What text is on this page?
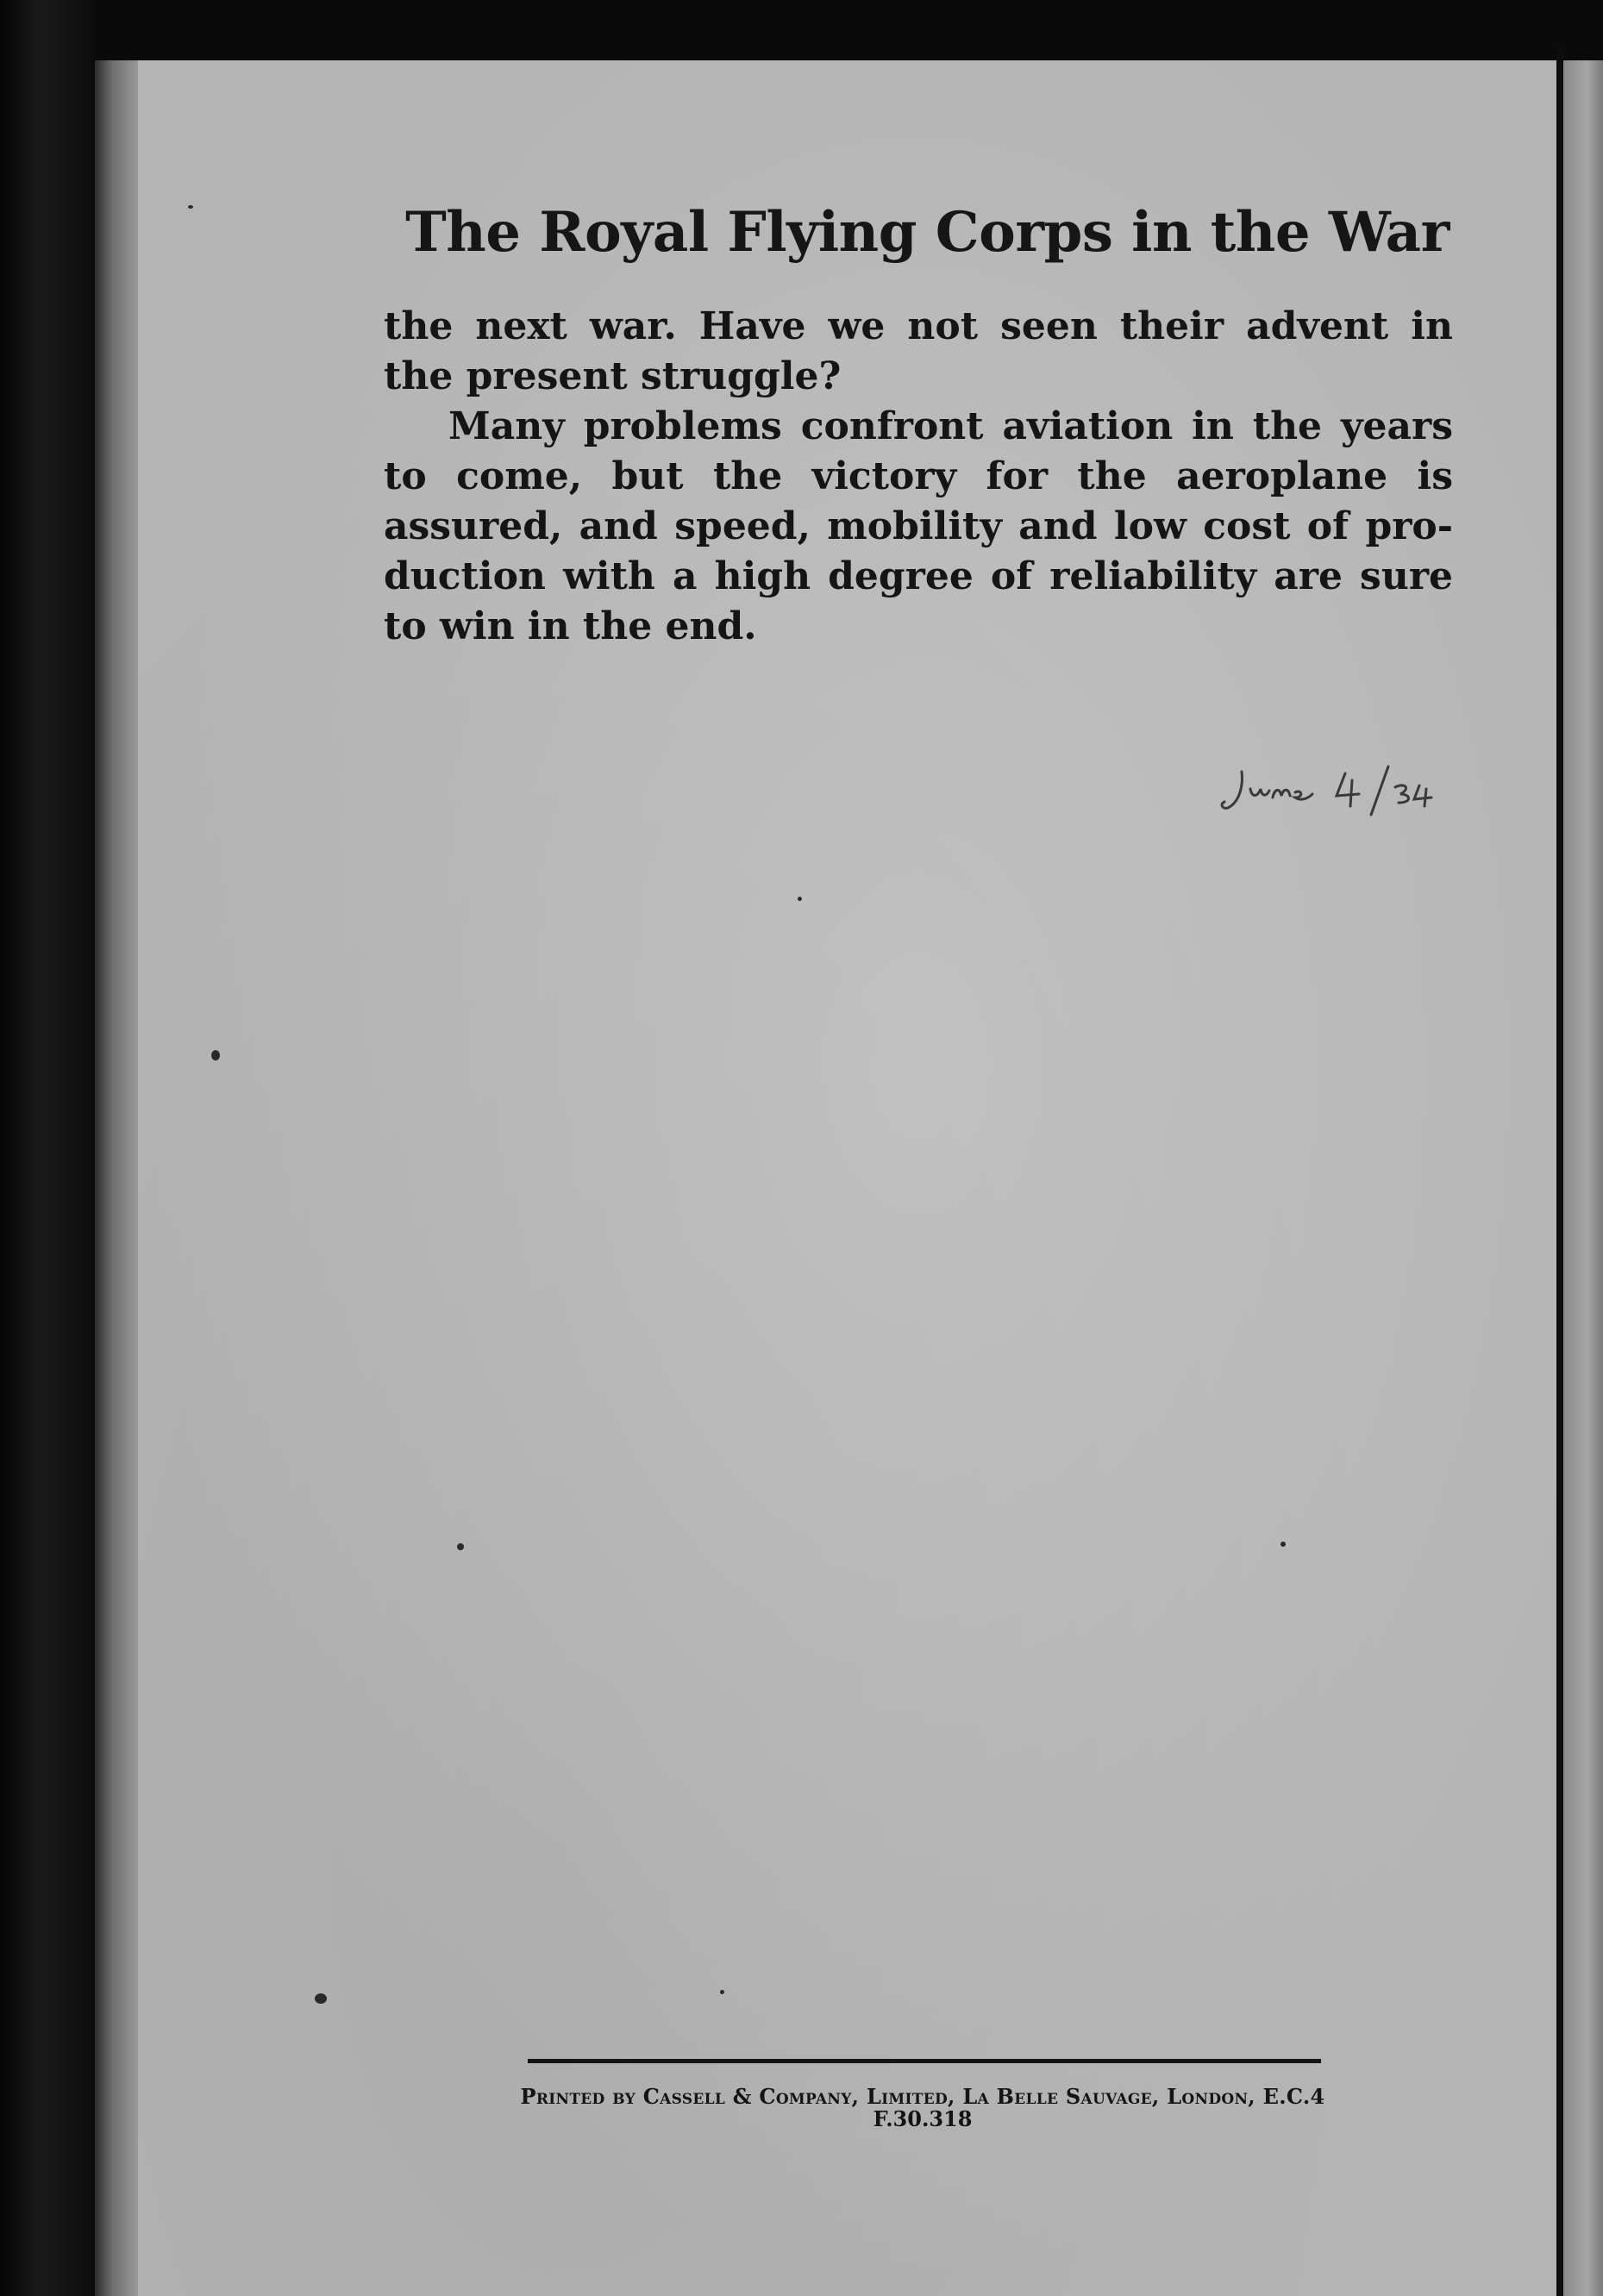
The Royal Flying Corps in the War
the next war. Have we not seen their advent in
the present struggle?
Many problems confront aviation in the years
to come, but the victory for the aeroplane is
assured, and speed, mobility and low cost of pro-
duction with a high degree of reliability are sure
to win in the end.
Printed by Cassell & Company, Limited, La Belle Sauvage, London, E.C.4
F.30.318
